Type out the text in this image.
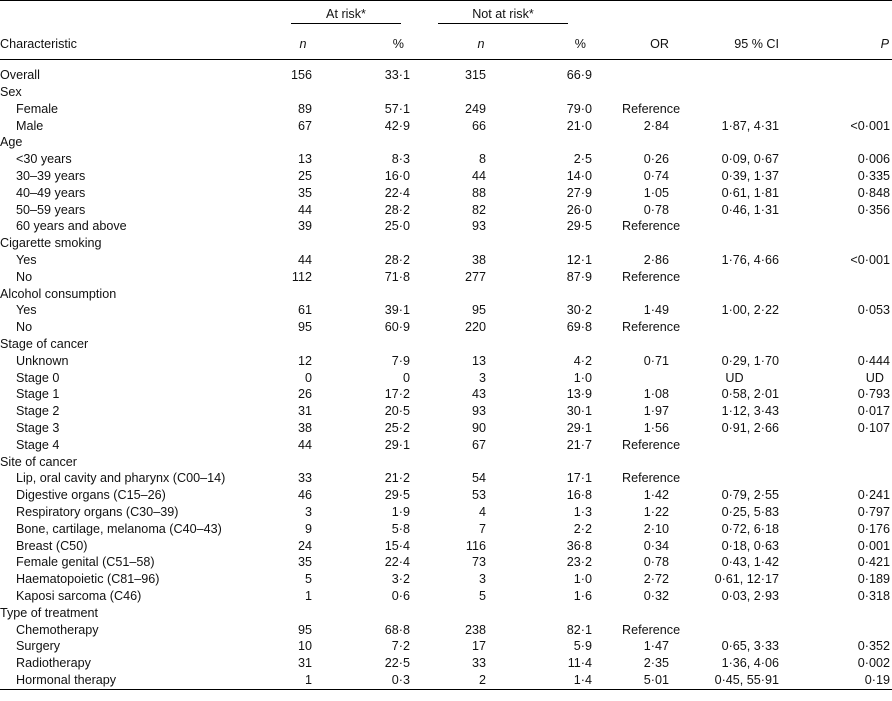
	At risk*		Not at risk*				
Characteristic	n	%	n	%	OR	95 % CI	P
Overall	156	33·1	315	66·9			
Sex							
Female	89	57·1	249	79·0	Reference		
Male	67	42·9	66	21·0	2·84	1·87, 4·31	<0·001
Age							
<30 years	13	8·3	8	2·5	0·26	0·09, 0·67	0·006
30–39 years	25	16·0	44	14·0	0·74	0·39, 1·37	0·335
40–49 years	35	22·4	88	27·9	1·05	0·61, 1·81	0·848
50–59 years	44	28·2	82	26·0	0·78	0·46, 1·31	0·356
60 years and above	39	25·0	93	29·5	Reference		
Cigarette smoking							
Yes	44	28·2	38	12·1	2·86	1·76, 4·66	<0·001
No	112	71·8	277	87·9	Reference		
Alcohol consumption							
Yes	61	39·1	95	30·2	1·49	1·00, 2·22	0·053
No	95	60·9	220	69·8	Reference		
Stage of cancer							
Unknown	12	7·9	13	4·2	0·71	0·29, 1·70	0·444
Stage 0	0	0	3	1·0		UD	UD
Stage 1	26	17·2	43	13·9	1·08	0·58, 2·01	0·793
Stage 2	31	20·5	93	30·1	1·97	1·12, 3·43	0·017
Stage 3	38	25·2	90	29·1	1·56	0·91, 2·66	0·107
Stage 4	44	29·1	67	21·7	Reference		
Site of cancer							
Lip, oral cavity and pharynx (C00–14)	33	21·2	54	17·1	Reference		
Digestive organs (C15–26)	46	29·5	53	16·8	1·42	0·79, 2·55	0·241
Respiratory organs (C30–39)	3	1·9	4	1·3	1·22	0·25, 5·83	0·797
Bone, cartilage, melanoma (C40–43)	9	5·8	7	2·2	2·10	0·72, 6·18	0·176
Breast (C50)	24	15·4	116	36·8	0·34	0·18, 0·63	0·001
Female genital (C51–58)	35	22·4	73	23·2	0·78	0·43, 1·42	0·421
Haematopoietic (C81–96)	5	3·2	3	1·0	2·72	0·61, 12·17	0·189
Kaposi sarcoma (C46)	1	0·6	5	1·6	0·32	0·03, 2·93	0·318
Type of treatment							
Chemotherapy	95	68·8	238	82·1	Reference		
Surgery	10	7·2	17	5·9	1·47	0·65, 3·33	0·352
Radiotherapy	31	22·5	33	11·4	2·35	1·36, 4·06	0·002
Hormonal therapy	1	0·3	2	1·4	5·01	0·45, 55·91	0·19
